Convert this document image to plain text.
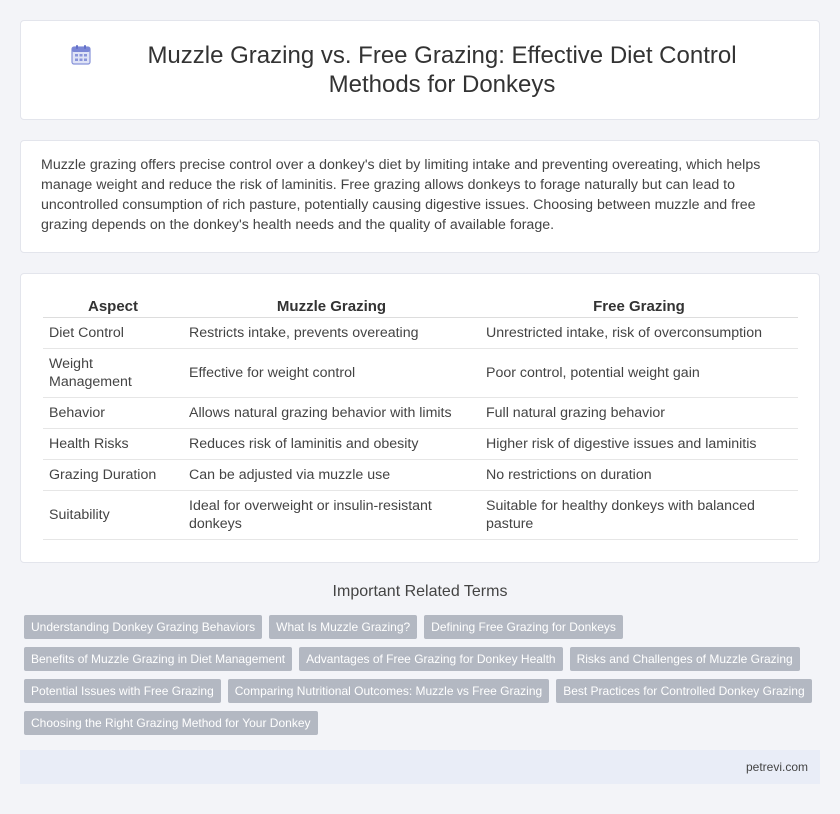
Muzzle Grazing vs. Free Grazing: Effective Diet Control Methods for Donkeys

Muzzle grazing offers precise control over a donkey's diet by limiting intake and preventing overeating, which helps manage weight and reduce the risk of laminitis. Free grazing allows donkeys to forage naturally but can lead to uncontrolled consumption of rich pasture, potentially causing digestive issues. Choosing between muzzle and free grazing depends on the donkey's health needs and the quality of available forage.

Aspect	Muzzle Grazing	Free Grazing
Diet Control	Restricts intake, prevents overeating	Unrestricted intake, risk of overconsumption
Weight Management	Effective for weight control	Poor control, potential weight gain
Behavior	Allows natural grazing behavior with limits	Full natural grazing behavior
Health Risks	Reduces risk of laminitis and obesity	Higher risk of digestive issues and laminitis
Grazing Duration	Can be adjusted via muzzle use	No restrictions on duration
Suitability	Ideal for overweight or insulin-resistant donkeys	Suitable for healthy donkeys with balanced pasture
Important Related Terms
Understanding Donkey Grazing Behaviors	What Is Muzzle Grazing?	Defining Free Grazing for Donkeys
Benefits of Muzzle Grazing in Diet Management	Advantages of Free Grazing for Donkey Health	Risks and Challenges of Muzzle Grazing
Potential Issues with Free Grazing	Comparing Nutritional Outcomes: Muzzle vs Free Grazing	Best Practices for Controlled Donkey Grazing
Choosing the Right Grazing Method for Your Donkey
petrevi.com
